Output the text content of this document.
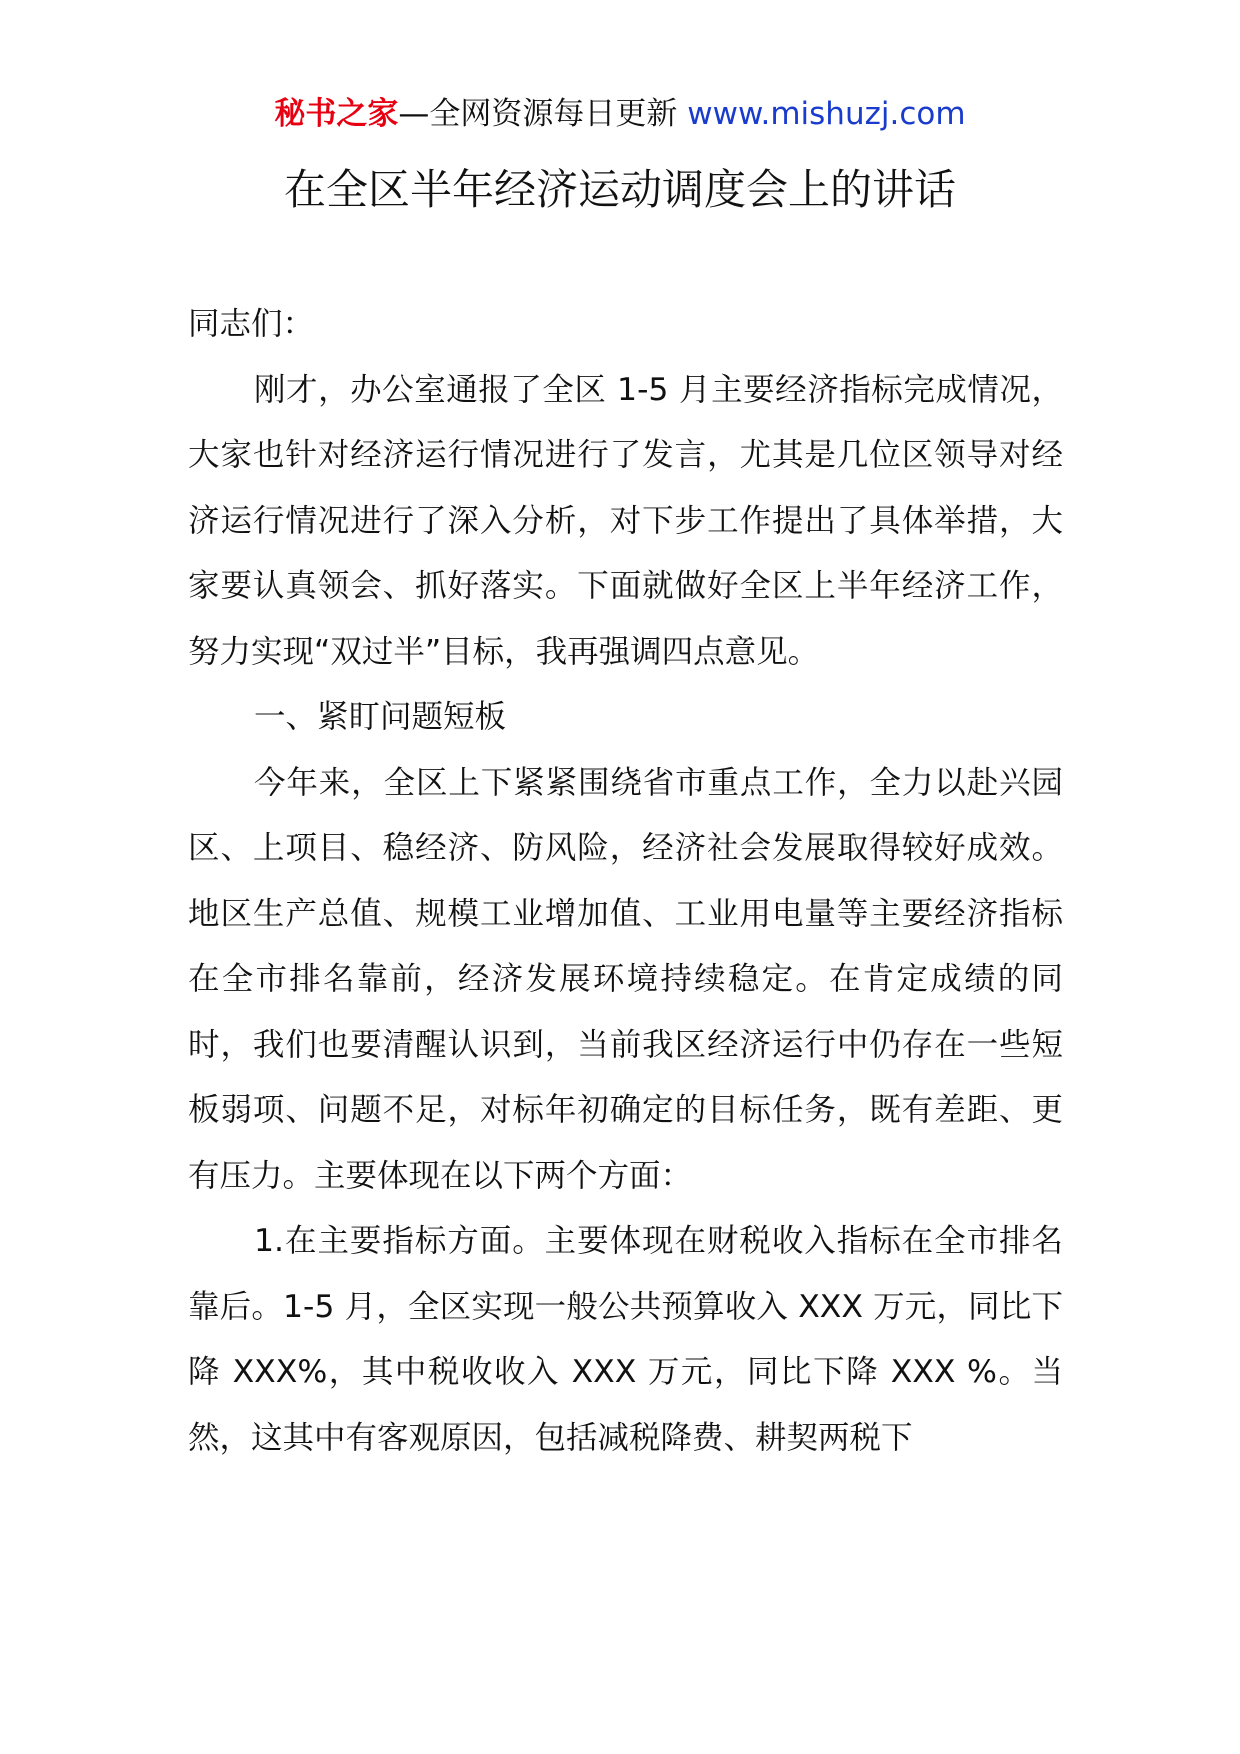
秘书之家—全网资源每日更新 www.mishuzj.com
在全区半年经济运动调度会上的讲话

同志们：

刚才，办公室通报了全区 1-5 月主要经济指标完成情况，大家也针对经济运行情况进行了发言，尤其是几位区领导对经济运行情况进行了深入分析，对下步工作提出了具体举措，大家要认真领会、抓好落实。下面就做好全区上半年经济工作，努力实现“双过半”目标，我再强调四点意见。

一、紧盯问题短板

今年来，全区上下紧紧围绕省市重点工作，全力以赴兴园区、上项目、稳经济、防风险，经济社会发展取得较好成效。地区生产总值、规模工业增加值、工业用电量等主要经济指标在全市排名靠前，经济发展环境持续稳定。在肯定成绩的同时，我们也要清醒认识到，当前我区经济运行中仍存在一些短板弱项、问题不足，对标年初确定的目标任务，既有差距、更有压力。主要体现在以下两个方面：

1.在主要指标方面。主要体现在财税收入指标在全市排名靠后。1-5 月，全区实现一般公共预算收入 XXX 万元，同比下降 XXX%，其中税收收入 XXX 万元，同比下降 XXX %。当然，这其中有客观原因，包括减税降费、耕契两税下
